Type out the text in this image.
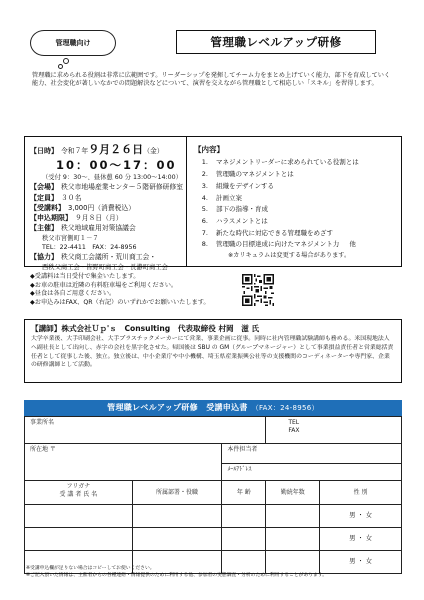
管理職向け	管理職レベルアップ研修
管理職に求められる役割は非常に広範囲です。リーダーシップを発揮してチーム力をまとめ上げていく能力、部下を育成していく能力、社会変化が著しいなかでの問題解決などについて、演習を交えながら管理職として相応しい「スキル」を習得します。
【日時】 令和７年 ９月２６日 （金）
10：00～17：00
（受付 9：30～、昼休憩 60 分 13:00～14:00）
【会場】 秩父市地場産業センター５階研修研修室
【定員】 ３０名
【受講料】 3,000円（消費税込）
【申込期限】 ９月８日（月）
【主催】 秩父地域雇用対策協議会
秩父市宮側町１－７
TEL：22-4411　FAX：24-8956
【協力】 秩父商工会議所・荒川商工会・
西秩父商工会・皆野町商工会・長瀞町商工会
【内容】
1. マネジメントリーダーに求められている役割とは
2. 管理職のマネジメントとは
3. 組織をデザインする
4. 計画立案
5. 部下の指導・育成
6. ハラスメントとは
7. 新たな時代に対応できる管理職をめざす
8. 管理職の目標達成に向けたマネジメント力 他
※カリキュラムは変更する場合があります。
◆受講料は当日受付で集金いたします。
◆お車の駐車は近隣の有料駐車場をご利用ください。
◆昼食は各自ご用意ください。
◆お申込みはFAX、QR（右記）のいずれかでお願いいたします。
【講師】株式会社Ｕｐ'ｓ　Consulting　代表取締役 村岡　滋 氏
大学卒業後、大手印刷会社、大手プラスチックメーカーにて営業、事業企画に従事。同時に社内管理職試験講師も務める。米国現地法人へ副社長として出向し、赤字の会社を黒字化させた。帰国後は SBU の GM（グループマネージャー）として事業損益責任者と営業総括責任者として従事した後、独立。独立後は、中小企業庁や中小機構、埼玉県産業振興公社等の支援機関のコーディネーターや専門家、企業の研修講師として活動。
管理職レベルアップ研修　受講申込書 （FAX：24-8956）
事業所名			TEL
FAX	

所在地 〒		本件担当者		
		ﾒｰﾙｱﾄﾞﾚｽ		

フリガナ
受 講 者 氏 名	所属部署・役職	年 齢	勤続年数	性 別
				男 ・ 女
				男 ・ 女
				男 ・ 女
※受講申込欄が足りない場合はコピーしてお使いください。
※ご記入頂いた情報は、主催者からの各種連絡・情報提供のために利用する他、参加者の実態調査・分析のために利用することがあります。
